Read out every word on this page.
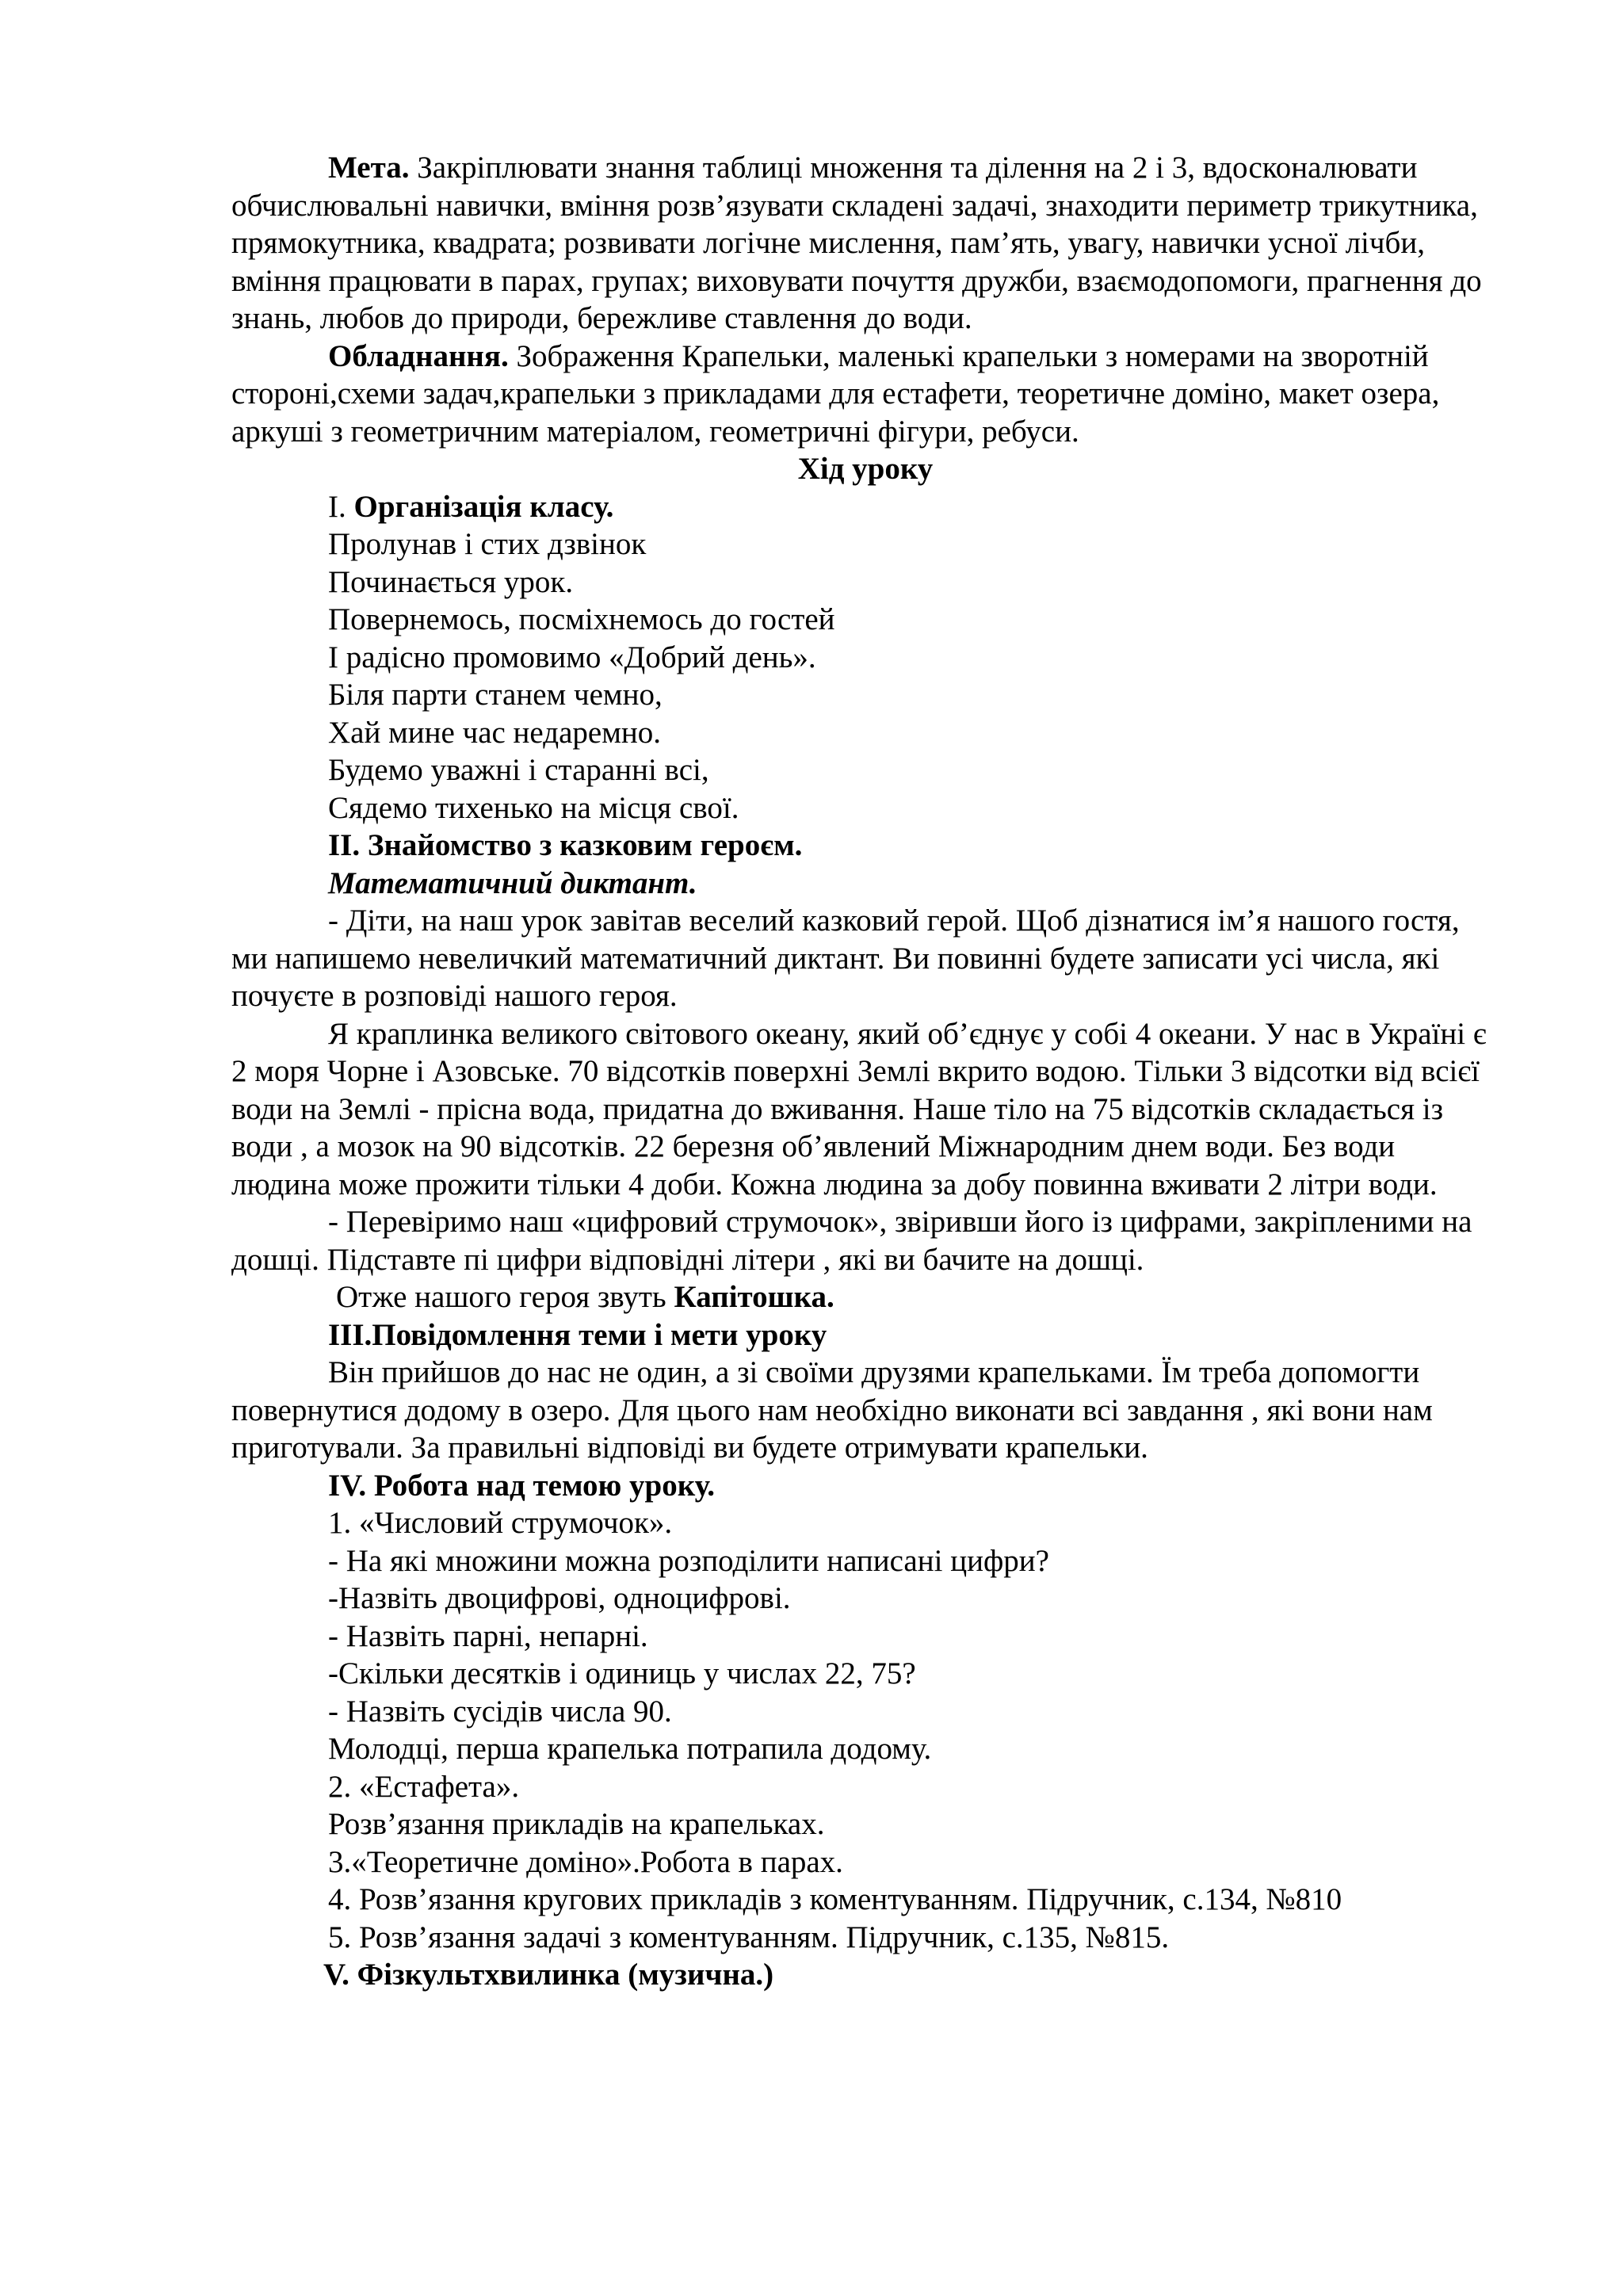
Мета. Закріплювати знання таблиці множення та ділення на 2 і 3, вдосконалювати обчислювальні навички, вміння розв’язувати складені задачі, знаходити периметр трикутника, прямокутника, квадрата; розвивати логічне мислення, пам’ять, увагу, навички усної лічби, вміння працювати в парах, групах; виховувати почуття дружби, взаємодопомоги, прагнення до знань, любов до природи, бережливе ставлення до води.

Обладнання. Зображення Крапельки, маленькі крапельки з номерами на зворотній стороні,схеми задач,крапельки з прикладами для естафети, теоретичне доміно, макет озера, аркуші з геометричним матеріалом, геометричні фігури, ребуси.

Хід уроку

І. Організація класу.
Пролунав і стих дзвінок
Починається урок.
Повернемось, посміхнемось до гостей
І радісно промовимо «Добрий день».
Біля парти станем чемно,
Хай мине час недаремно.
Будемо уважні і старанні всі,
Сядемо тихенько на місця свої.
ІІ. Знайомство з казковим героєм.
Математичний диктант.

- Діти, на наш урок завітав веселий казковий герой. Щоб дізнатися ім’я нашого гостя, ми напишемо невеличкий математичний диктант. Ви повинні будете записати усі числа, які почуєте в розповіді нашого героя.

Я краплинка великого світового океану, який об’єднує у собі 4 океани. У нас в Україні є 2 моря Чорне і Азовське. 70 відсотків поверхні Землі вкрито водою. Тільки 3 відсотки від всієї води на Землі - прісна вода, придатна до вживання. Наше тіло на 75 відсотків складається із води , а мозок на 90 відсотків. 22 березня об’явлений Міжнародним днем води. Без води людина може прожити тільки 4 доби. Кожна людина за добу повинна вживати 2 літри води.

- Перевіримо наш «цифровий струмочок», звіривши його із цифрами, закріпленими на дошці. Підставте пі цифри відповідні літери , які ви бачите на дошці.

Отже нашого героя звуть Капітошка.
ІІІ.Повідомлення теми і мети уроку

Він прийшов до нас не один, а зі своїми друзями крапельками. Їм треба допомогти повернутися додому в озеро. Для цього нам необхідно виконати всі завдання , які вони нам приготували. За правильні відповіді ви будете отримувати крапельки.

ІV. Робота над темою уроку.
1. «Числовий струмочок».
- На які множини можна розподілити написані цифри?
-Назвіть двоцифрові, одноцифрові.
- Назвіть парні, непарні.
-Скільки десятків і одиниць у числах 22, 75?
- Назвіть сусідів числа 90.
Молодці, перша крапелька потрапила додому.
2. «Естафета».
Розв’язання прикладів на крапельках.
3.«Теоретичне доміно».Робота в парах.
4. Розв’язання кругових прикладів з коментуванням. Підручник, с.134, №810
5. Розв’язання задачі з коментуванням. Підручник, с.135, №815.
V. Фізкультхвилинка (музична.)
